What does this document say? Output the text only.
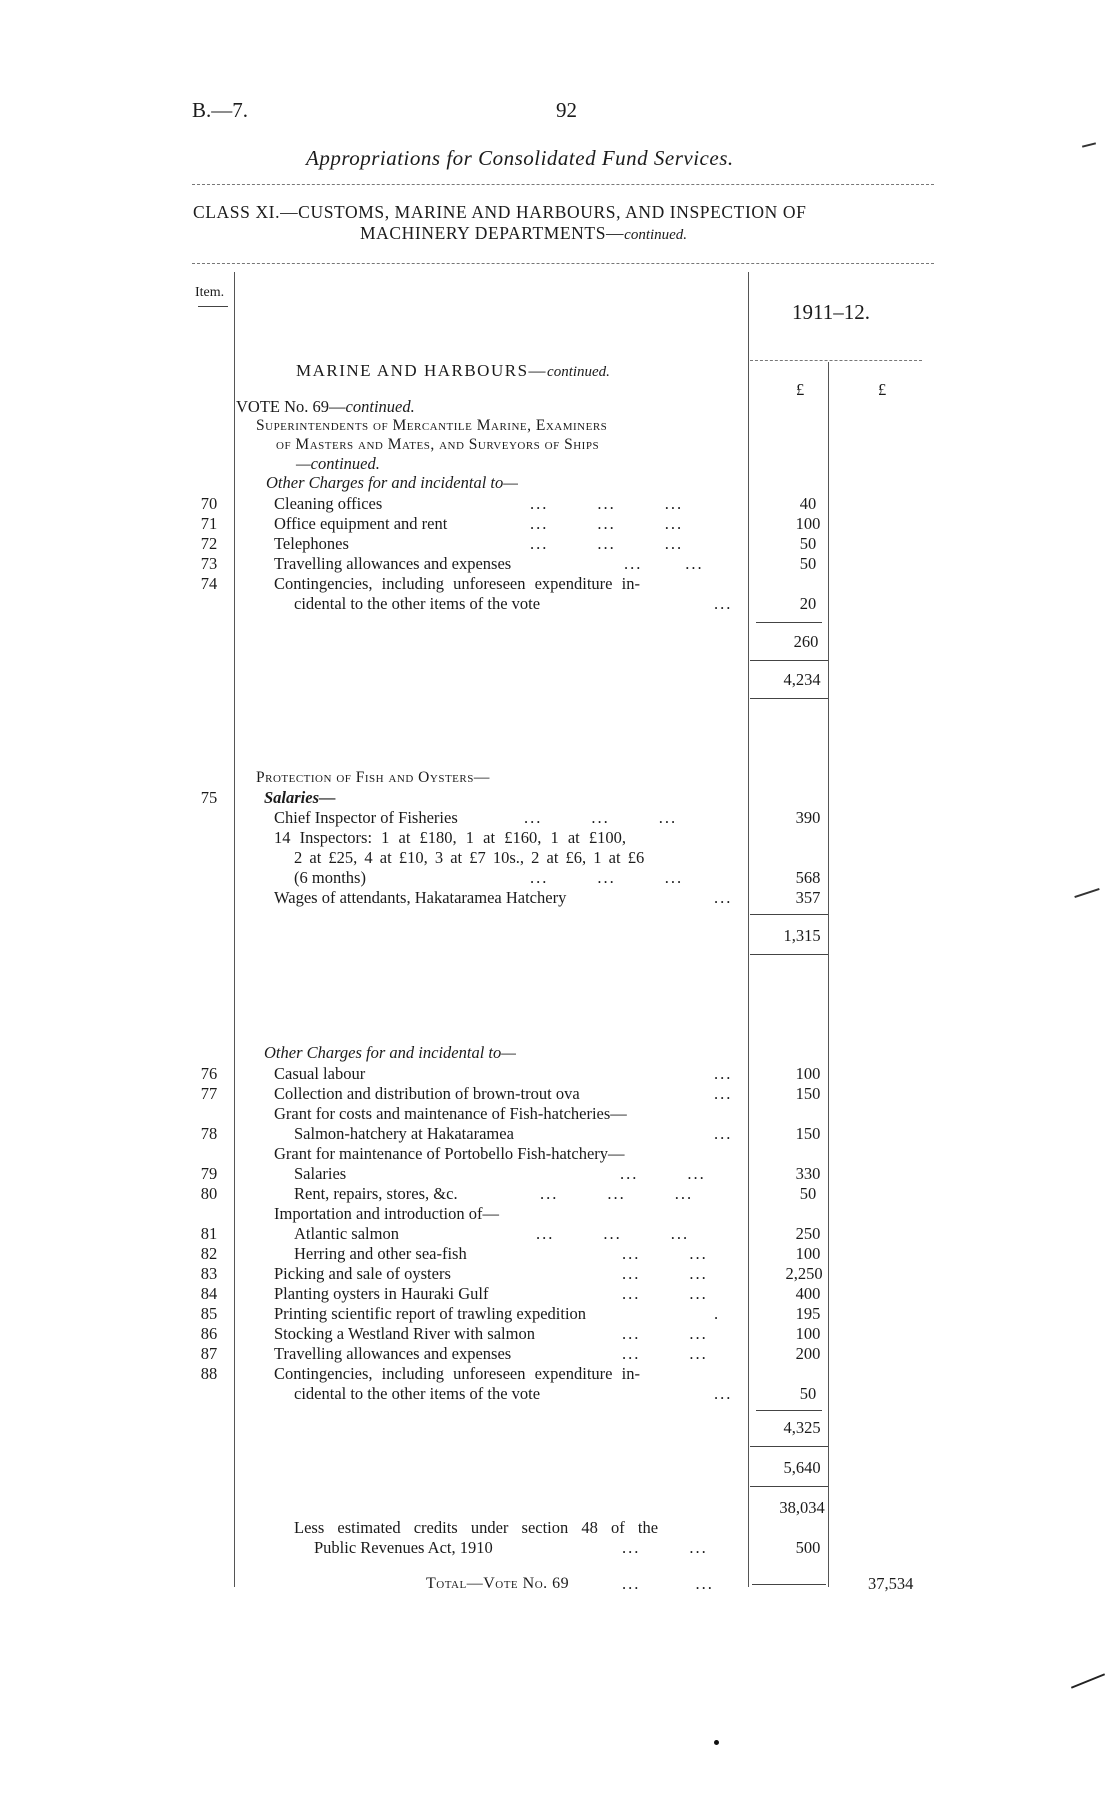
B.—7.	92
Appropriations for Consolidated Fund Services.
CLASS XI.—CUSTOMS, MARINE AND HARBOURS, AND INSPECTION OF
MACHINERY DEPARTMENTS—continued.
Item.
1911–12.
£	£
MARINE AND HARBOURS—continued.
VOTE No. 69—continued.
Superintendents of Mercantile Marine, Examiners
of Masters and Mates, and Surveyors of Ships
—continued.
Other Charges for and incidental to—
70	Cleaning offices	...        ...        ...	40
71	Office equipment and rent	...        ...        ...	100
72	Telephones	...        ...        ...	50
73	Travelling allowances and expenses	...       ...	50
74	Contingencies, including unforeseen expenditure in-
cidental to the other items of the vote	...	20
260
4,234
Protection of Fish and Oysters—
75	Salaries—
Chief Inspector of Fisheries	...        ...        ...	390
14 Inspectors: 1 at £180, 1 at £160, 1 at £100,
2 at £25, 4 at £10, 3 at £7 10s., 2 at £6, 1 at £6
(6 months)	...        ...        ...	568
Wages of attendants, Hakataramea Hatchery	...	357
1,315
Other Charges for and incidental to—
76	Casual labour	...	100
77	Collection and distribution of brown-trout ova	...	150
Grant for costs and maintenance of Fish-hatcheries—
78	Salmon-hatchery at Hakataramea	...	150
Grant for maintenance of Portobello Fish-hatchery—
79	Salaries	...        ...	330
80	Rent, repairs, stores, &c.	...        ...        ...	50
Importation and introduction of—
81	Atlantic salmon	...        ...        ...	250
82	Herring and other sea-fish	...        ...	100
83	Picking and sale of oysters	...        ...	2,250
84	Planting oysters in Hauraki Gulf	...        ...	400
85	Printing scientific report of trawling expedition	.	195
86	Stocking a Westland River with salmon	...        ...	100
87	Travelling allowances and expenses	...        ...	200
88	Contingencies, including unforeseen expenditure in-
cidental to the other items of the vote	...	50
4,325
5,640
38,034
Less estimated credits under section 48 of the
Public Revenues Act, 1910	...        ...	500
Total—Vote No. 69	...         ...	37,534
